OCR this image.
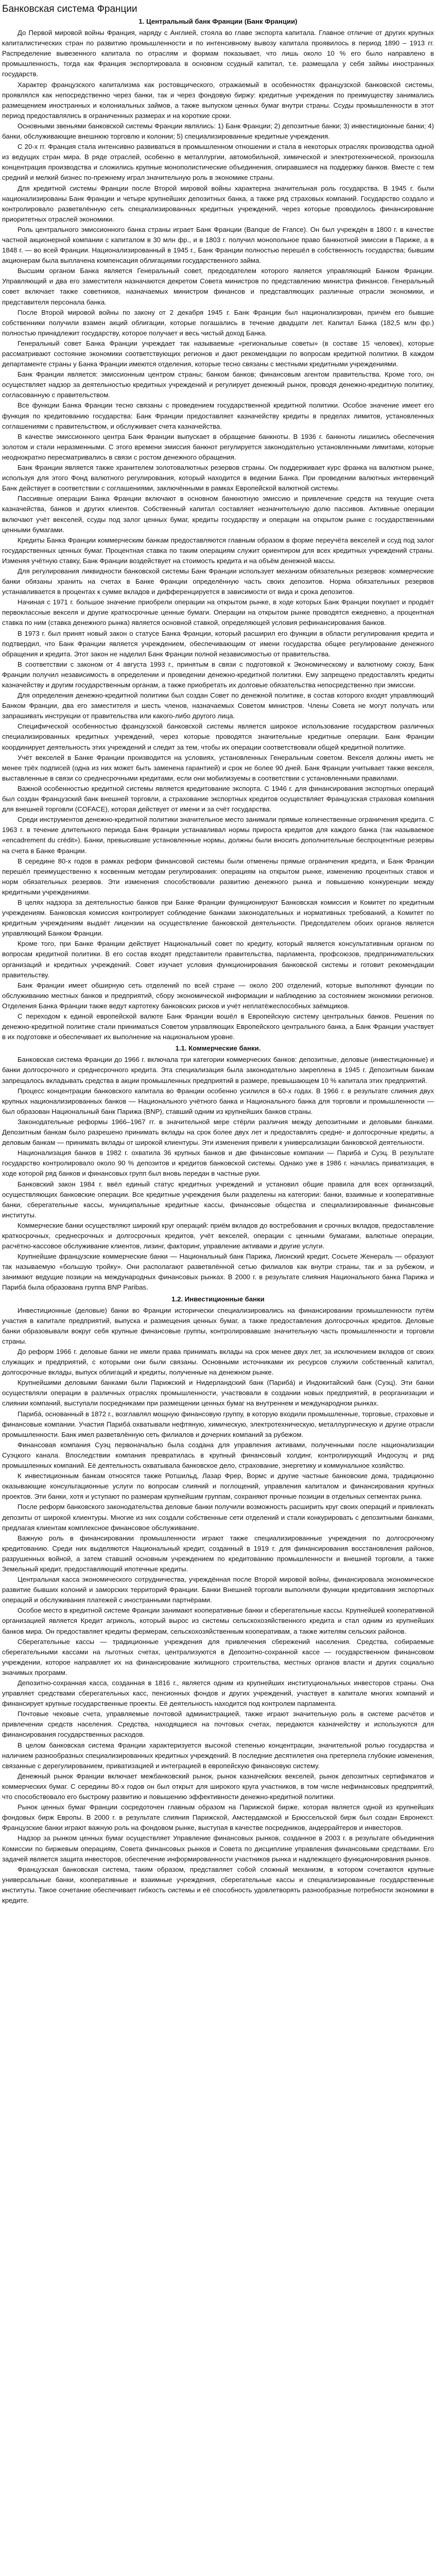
Банковская система Франции

1. Центральный банк Франции (Банк Франции)

До Первой мировой войны Франция, наряду с Англией, стояла во главе экспорта капитала. Главное отличие от других крупных капиталистических стран по развитию промышленности и по интенсивному вывозу капитала проявилось в период 1890 – 1913 гг. Распределение вывезенного капитала по отраслям и формам показывает, что лишь около 10 % его было направлено в промышленность, тогда как Франция экспортировала в основном ссудный капитал, т.е. размещала у себя займы иностранных государств.

Характер французского капитализма как ростовщического, отражаемый в особенностях французской банковской системы, проявлялся как непосредственно через банки, так и через фондовую биржу: кредитные учреждения по преимуществу занимались размещением иностранных и колониальных займов, а также выпуском ценных бумаг внутри страны. Ссуды промышленности в этот период предоставлялись в ограниченных размерах и на короткие сроки.

Основными звеньями банковской системы Франции являлись: 1) Банк Франции; 2) депозитные банки; 3) инвестиционные банки; 4) банки, обслуживающие внешнюю торговлю и колонии; 5) специализированные кредитные учреждения.

С 20-х гг. Франция стала интенсивно развиваться в промышленном отношении и стала в некоторых отраслях производства одной из ведущих стран мира. В ряде отраслей, особенно в металлургии, автомобильной, химической и электротехнической, произошла концентрация производства и сложились крупные монополистические объединения, опиравшиеся на поддержку банков. Вместе с тем средний и мелкий бизнес по-прежнему играл значительную роль в экономике страны.

Для кредитной системы Франции после Второй мировой войны характерна значительная роль государства. В 1945 г. были национализированы Банк Франции и четыре крупнейших депозитных банка, а также ряд страховых компаний. Государство создало и контролировало разветвлённую сеть специализированных кредитных учреждений, через которые проводилось финансирование приоритетных отраслей экономики.

Роль центрального эмиссионного банка страны играет Банк Франции (Banque de France). Он был учреждён в 1800 г. в качестве частной акционерной компании с капиталом в 30 млн фр., и в 1803 г. получил монопольное право банкнотной эмиссии в Париже, а в 1848 г. — во всей Франции. Национализированный в 1945 г., Банк Франции полностью перешёл в собственность государства; бывшим акционерам была выплачена компенсация облигациями государственного займа.

Высшим органом Банка является Генеральный совет, председателем которого является управляющий Банком Франции. Управляющий и два его заместителя назначаются декретом Совета министров по представлению министра финансов. Генеральный совет включает также советников, назначаемых министром финансов и представляющих различные отрасли экономики, и представителя персонала банка.

После Второй мировой войны по закону от 2 декабря 1945 г. Банк Франции был национализирован, причём его бывшие собственники получили взамен акций облигации, которые погашались в течение двадцати лет. Капитал Банка (182,5 млн фр.) полностью принадлежит государству, которое получает и весь чистый доход Банка.

Генеральный совет Банка Франции учреждает так называемые «региональные советы» (в составе 15 человек), которые рассматривают состояние экономики соответствующих регионов и дают рекомендации по вопросам кредитной политики. В каждом департаменте страны у Банка Франции имеются отделения, которые тесно связаны с местными кредитными учреждениями.

Банк Франции является: эмиссионным центром страны; банком банков; финансовым агентом правительства. Кроме того, он осуществляет надзор за деятельностью кредитных учреждений и регулирует денежный рынок, проводя денежно-кредитную политику, согласованную с правительством.

Все функции Банка Франции тесно связаны с проведением государственной кредитной политики. Особое значение имеет его функция по кредитованию государства: Банк Франции предоставляет казначейству кредиты в пределах лимитов, установленных соглашениями с правительством, и обслуживает счета казначейства.

В качестве эмиссионного центра Банк Франции выпускает в обращение банкноты. В 1936 г. банкноты лишились обеспечения золотом и стали неразменными. С этого времени эмиссия банкнот регулируется законодательно установленными лимитами, которые неоднократно пересматривались в связи с ростом денежного обращения.

Банк Франции является также хранителем золотовалютных резервов страны. Он поддерживает курс франка на валютном рынке, используя для этого Фонд валютного регулирования, который находится в ведении Банка. При проведении валютных интервенций Банк действует в соответствии с соглашениями, заключёнными в рамках Европейской валютной системы.

Пассивные операции Банка Франции включают в основном банкнотную эмиссию и привлечение средств на текущие счета казначейства, банков и других клиентов. Собственный капитал составляет незначительную долю пассивов. Активные операции включают учёт векселей, ссуды под залог ценных бумаг, кредиты государству и операции на открытом рынке с государственными ценными бумагами.

Кредиты Банка Франции коммерческим банкам предоставляются главным образом в форме переучёта векселей и ссуд под залог государственных ценных бумаг. Процентная ставка по таким операциям служит ориентиром для всех кредитных учреждений страны. Изменяя учётную ставку, Банк Франции воздействует на стоимость кредита и на объём денежной массы.

Для регулирования ликвидности банковской системы Банк Франции использует механизм обязательных резервов: коммерческие банки обязаны хранить на счетах в Банке Франции определённую часть своих депозитов. Норма обязательных резервов устанавливается в процентах к сумме вкладов и дифференцируется в зависимости от вида и срока депозитов.

Начиная с 1971 г. большое значение приобрели операции на открытом рынке, в ходе которых Банк Франции покупает и продаёт первоклассные векселя и другие краткосрочные ценные бумаги. Операции на открытом рынке проводятся ежедневно, а процентная ставка по ним (ставка денежного рынка) является основной ставкой, определяющей условия рефинансирования банков.

В 1973 г. был принят новый закон о статусе Банка Франции, который расширил его функции в области регулирования кредита и подтвердил, что Банк Франции является учреждением, обеспечивающим от имени государства общее регулирование денежного обращения и кредита. Этот закон не наделил Банк Франции полной независимостью от правительства.

В соответствии с законом от 4 августа 1993 г., принятым в связи с подготовкой к Экономическому и валютному союзу, Банк Франции получил независимость в определении и проведении денежно-кредитной политики. Ему запрещено предоставлять кредиты казначейству и другим государственным органам, а также приобретать их долговые обязательства непосредственно при эмиссии.

Для определения денежно-кредитной политики был создан Совет по денежной политике, в состав которого входят управляющий Банком Франции, два его заместителя и шесть членов, назначаемых Советом министров. Члены Совета не могут получать или запрашивать инструкции от правительства или какого-либо другого лица.

Специфической особенностью французской банковской системы является широкое использование государством различных специализированных кредитных учреждений, через которые проводятся значительные кредитные операции. Банк Франции координирует деятельность этих учреждений и следит за тем, чтобы их операции соответствовали общей кредитной политике.

Учёт векселей в Банке Франции производится на условиях, установленных Генеральным советом. Векселя должны иметь не менее трёх подписей (одна из них может быть заменена гарантией) и срок не более 90 дней. Банк Франции учитывает также векселя, выставленные в связи со среднесрочными кредитами, если они мобилизуемы в соответствии с установленными правилами.

Важной особенностью кредитной системы является кредитование экспорта. С 1946 г. для финансирования экспортных операций был создан Французский банк внешней торговли, а страхование экспортных кредитов осуществляет Французская страховая компания для внешней торговли (COFACE), которая действует от имени и за счёт государства.

Среди инструментов денежно-кредитной политики значительное место занимали прямые количественные ограничения кредита. С 1963 г. в течение длительного периода Банк Франции устанавливал нормы прироста кредитов для каждого банка (так называемое «encadrement du crédit»). Банки, превысившие установленные нормы, должны были вносить дополнительные беспроцентные резервы на счета в Банке Франции.

В середине 80-х годов в рамках реформ финансовой системы были отменены прямые ограничения кредита, и Банк Франции перешёл преимущественно к косвенным методам регулирования: операциям на открытом рынке, изменению процентных ставок и норм обязательных резервов. Эти изменения способствовали развитию денежного рынка и повышению конкуренции между кредитными учреждениями.

В целях надзора за деятельностью банков при Банке Франции функционируют Банковская комиссия и Комитет по кредитным учреждениям. Банковская комиссия контролирует соблюдение банками законодательных и нормативных требований, а Комитет по кредитным учреждениям выдаёт лицензии на осуществление банковской деятельности. Председателем обоих органов является управляющий Банком Франции.

Кроме того, при Банке Франции действует Национальный совет по кредиту, который является консультативным органом по вопросам кредитной политики. В его состав входят представители правительства, парламента, профсоюзов, предпринимательских организаций и кредитных учреждений. Совет изучает условия функционирования банковской системы и готовит рекомендации правительству.

Банк Франции имеет обширную сеть отделений по всей стране — около 200 отделений, которые выполняют функции по обслуживанию местных банков и предприятий, сбору экономической информации и наблюдению за состоянием экономики регионов. Отделения Банка Франции также ведут картотеку банковских рисков и учёт неплатёжеспособных заёмщиков.

С переходом к единой европейской валюте Банк Франции вошёл в Европейскую систему центральных банков. Решения по денежно-кредитной политике стали приниматься Советом управляющих Европейского центрального банка, а Банк Франции участвует в их подготовке и обеспечивает их выполнение на национальном уровне.

1.1. Коммерческие банки.

Банковская система Франции до 1966 г. включала три категории коммерческих банков: депозитные, деловые (инвестиционные) и банки долгосрочного и среднесрочного кредита. Эта специализация была законодательно закреплена в 1945 г. Депозитным банкам запрещалось вкладывать средства в акции промышленных предприятий в размере, превышающем 10 % капитала этих предприятий.

Процесс концентрации банковского капитала во Франции особенно усилился в 60-х годах. В 1966 г. в результате слияния двух крупных национализированных банков — Национального учётного банка и Национального банка для торговли и промышленности — был образован Национальный банк Парижа (BNP), ставший одним из крупнейших банков страны.

Законодательные реформы 1966–1967 гг. в значительной мере стёрли различия между депозитными и деловыми банками. Депозитным банкам было разрешено принимать вклады на срок более двух лет и предоставлять средне- и долгосрочные кредиты, а деловым банкам — принимать вклады от широкой клиентуры. Эти изменения привели к универсализации банковской деятельности.

Национализация банков в 1982 г. охватила 36 крупных банков и две финансовые компании — Парибá и Суэц. В результате государство контролировало около 90 % депозитов и кредитов банковской системы. Однако уже в 1986 г. началась приватизация, в ходе которой ряд банков и финансовых групп был вновь передан в частные руки.

Банковский закон 1984 г. ввёл единый статус кредитных учреждений и установил общие правила для всех организаций, осуществляющих банковские операции. Все кредитные учреждения были разделены на категории: банки, взаимные и кооперативные банки, сберегательные кассы, муниципальные кредитные кассы, финансовые общества и специализированные финансовые институты.

Коммерческие банки осуществляют широкий круг операций: приём вкладов до востребования и срочных вкладов, предоставление краткосрочных, среднесрочных и долгосрочных кредитов, учёт векселей, операции с ценными бумагами, валютные операции, расчётно-кассовое обслуживание клиентов, лизинг, факторинг, управление активами и другие услуги.

Крупнейшие французские коммерческие банки — Национальный банк Парижа, Лионский кредит, Сосьете Женераль — образуют так называемую «большую тройку». Они располагают разветвлённой сетью филиалов как внутри страны, так и за рубежом, и занимают ведущие позиции на международных финансовых рынках. В 2000 г. в результате слияния Национального банка Парижа и Парибá была образована группа BNP Paribas.

1.2. Инвестиционные банки

Инвестиционные (деловые) банки во Франции исторически специализировались на финансировании промышленности путём участия в капитале предприятий, выпуска и размещения ценных бумаг, а также предоставления долгосрочных кредитов. Деловые банки образовывали вокруг себя крупные финансовые группы, контролировавшие значительную часть промышленности и торговли страны.

До реформ 1966 г. деловые банки не имели права принимать вклады на срок менее двух лет, за исключением вкладов от своих служащих и предприятий, с которыми они были связаны. Основными источниками их ресурсов служили собственный капитал, долгосрочные вклады, выпуск облигаций и кредиты, полученные на денежном рынке.

Крупнейшими деловыми банками были Парижский и Нидерландский банк (Парибá) и Индокитайский банк (Суэц). Эти банки осуществляли операции в различных отраслях промышленности, участвовали в создании новых предприятий, в реорганизации и слиянии компаний, выступали посредниками при размещении ценных бумаг на внутреннем и международном рынках.

Парибá, основанный в 1872 г., возглавлял мощную финансовую группу, в которую входили промышленные, торговые, страховые и финансовые компании. Участия Парибá охватывали нефтяную, химическую, электротехническую, металлургическую и другие отрасли промышленности. Банк имел разветвлённую сеть филиалов и дочерних компаний за рубежом.

Финансовая компания Суэц первоначально была создана для управления активами, полученными после национализации Суэцкого канала. Впоследствии компания превратилась в крупный финансовый холдинг, контролирующий Индосуэц и ряд промышленных компаний. Её деятельность охватывала банковское дело, страхование, энергетику и коммунальное хозяйство.

К инвестиционным банкам относятся также Ротшильд, Лазар Фрер, Вормс и другие частные банковские дома, традиционно оказывающие консультационные услуги по вопросам слияний и поглощений, управления капиталом и финансирования крупных проектов. Эти банки, хотя и уступают по размерам крупнейшим группам, сохраняют прочные позиции в отдельных сегментах рынка.

После реформ банковского законодательства деловые банки получили возможность расширить круг своих операций и привлекать депозиты от широкой клиентуры. Многие из них создали собственные сети отделений и стали конкурировать с депозитными банками, предлагая клиентам комплексное финансовое обслуживание.

Важную роль в финансировании промышленности играют также специализированные учреждения по долгосрочному кредитованию. Среди них выделяются Национальный кредит, созданный в 1919 г. для финансирования восстановления районов, разрушенных войной, а затем ставший основным учреждением по кредитованию промышленности и внешней торговли, а также Земельный кредит, предоставляющий ипотечные кредиты.

Центральная касса экономического сотрудничества, учреждённая после Второй мировой войны, финансировала экономическое развитие бывших колоний и заморских территорий Франции. Банки Внешней торговли выполняли функции кредитования экспортных операций и обслуживания платежей с иностранными партнёрами.

Особое место в кредитной системе Франции занимают кооперативные банки и сберегательные кассы. Крупнейшей кооперативной организацией является Кредит агриколь, который вырос из системы сельскохозяйственного кредита и стал одним из крупнейших банков мира. Он предоставляет кредиты фермерам, сельскохозяйственным кооперативам, а также жителям сельских районов.

Сберегательные кассы — традиционные учреждения для привлечения сбережений населения. Средства, собираемые сберегательными кассами на льготных счетах, централизуются в Депозитно-сохранной кассе — государственном финансовом учреждении, которое направляет их на финансирование жилищного строительства, местных органов власти и других социально значимых программ.

Депозитно-сохранная касса, созданная в 1816 г., является одним из крупнейших институциональных инвесторов страны. Она управляет средствами сберегательных касс, пенсионных фондов и других учреждений, участвует в капитале многих компаний и финансирует крупные государственные проекты. Её деятельность находится под контролем парламента.

Почтовые чековые счета, управляемые почтовой администрацией, также играют значительную роль в системе расчётов и привлечении средств населения. Средства, находящиеся на почтовых счетах, передаются казначейству и используются для финансирования государственных расходов.

В целом банковская система Франции характеризуется высокой степенью концентрации, значительной ролью государства и наличием разнообразных специализированных кредитных учреждений. В последние десятилетия она претерпела глубокие изменения, связанные с дерегулированием, приватизацией и интеграцией в европейскую финансовую систему.

Денежный рынок Франции включает межбанковский рынок, рынок казначейских векселей, рынок депозитных сертификатов и коммерческих бумаг. С середины 80-х годов он был открыт для широкого круга участников, в том числе нефинансовых предприятий, что способствовало его быстрому развитию и повышению эффективности денежно-кредитной политики.

Рынок ценных бумаг Франции сосредоточен главным образом на Парижской бирже, которая является одной из крупнейших фондовых бирж Европы. В 2000 г. в результате слияния Парижской, Амстердамской и Брюссельской бирж был создан Евронекст. Французские банки играют важную роль на фондовом рынке, выступая в качестве посредников, андеррайтеров и инвесторов.

Надзор за рынком ценных бумаг осуществляет Управление финансовых рынков, созданное в 2003 г. в результате объединения Комиссии по биржевым операциям, Совета финансовых рынков и Совета по дисциплине управления финансовыми средствами. Его задачей является защита инвесторов, обеспечение информированности участников рынка и надлежащего функционирования рынков.

Французская банковская система, таким образом, представляет собой сложный механизм, в котором сочетаются крупные универсальные банки, кооперативные и взаимные учреждения, сберегательные кассы и специализированные государственные институты. Такое сочетание обеспечивает гибкость системы и её способность удовлетворять разнообразные потребности экономики в кредите.
